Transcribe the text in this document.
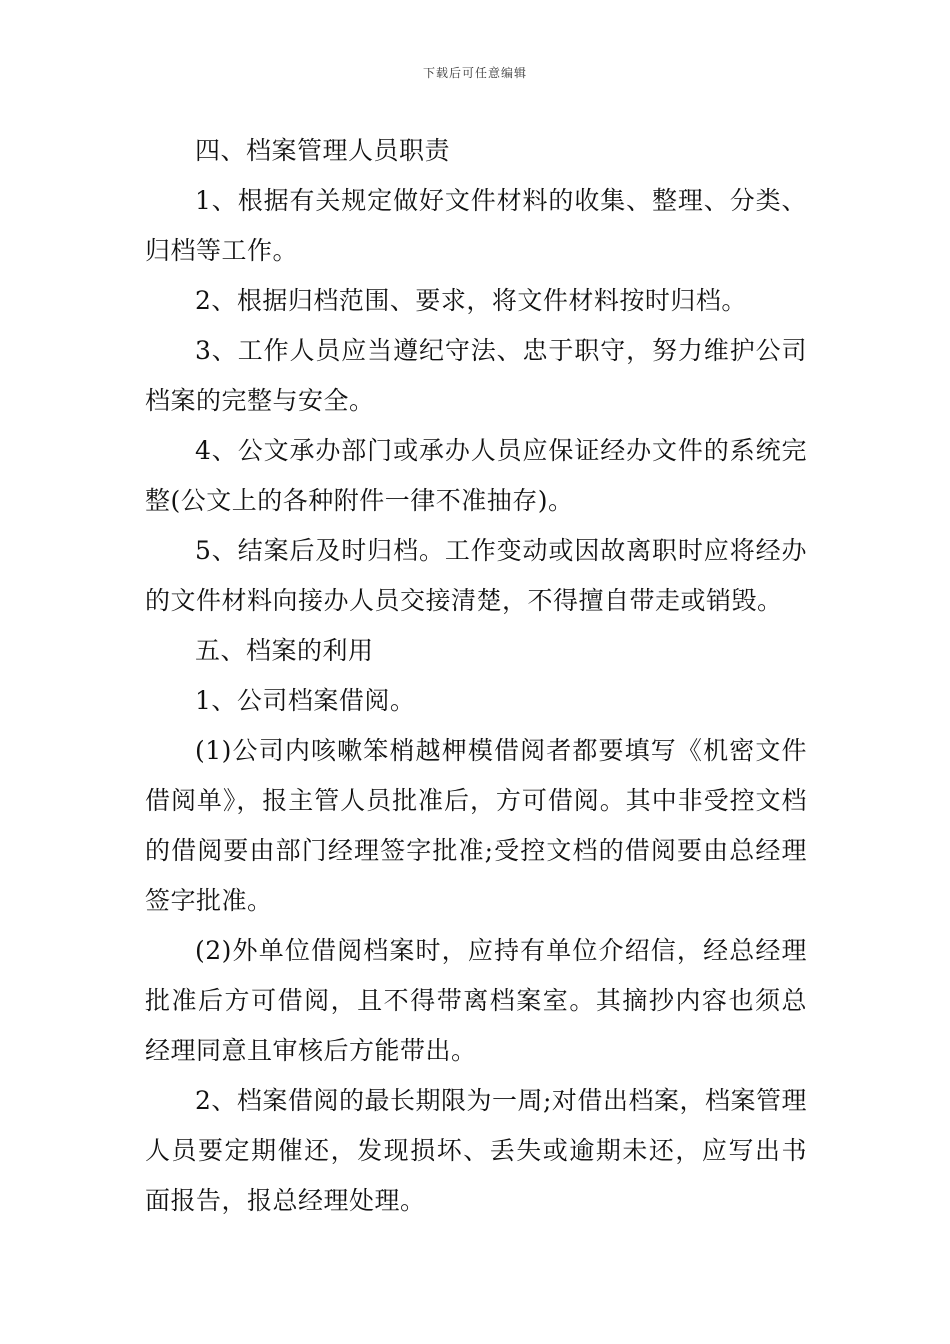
下载后可任意编辑

四、档案管理人员职责

1、根据有关规定做好文件材料的收集、整理、分类、归档等工作。

2、根据归档范围、要求，将文件材料按时归档。

3、工作人员应当遵纪守法、忠于职守，努力维护公司档案的完整与安全。

4、公文承办部门或承办人员应保证经办文件的系统完整(公文上的各种附件一律不准抽存)。

5、结案后及时归档。工作变动或因故离职时应将经办的文件材料向接办人员交接清楚，不得擅自带走或销毁。

五、档案的利用

1、公司档案借阅。

(1)公司内咳嗽笨梢越柙模借阅者都要填写《机密文件借阅单》，报主管人员批准后，方可借阅。其中非受控文档的借阅要由部门经理签字批准;受控文档的借阅要由总经理签字批准。

(2)外单位借阅档案时，应持有单位介绍信，经总经理批准后方可借阅，且不得带离档案室。其摘抄内容也须总经理同意且审核后方能带出。

2、档案借阅的最长期限为一周;对借出档案，档案管理人员要定期催还，发现损坏、丢失或逾期未还，应写出书面报告，报总经理处理。
